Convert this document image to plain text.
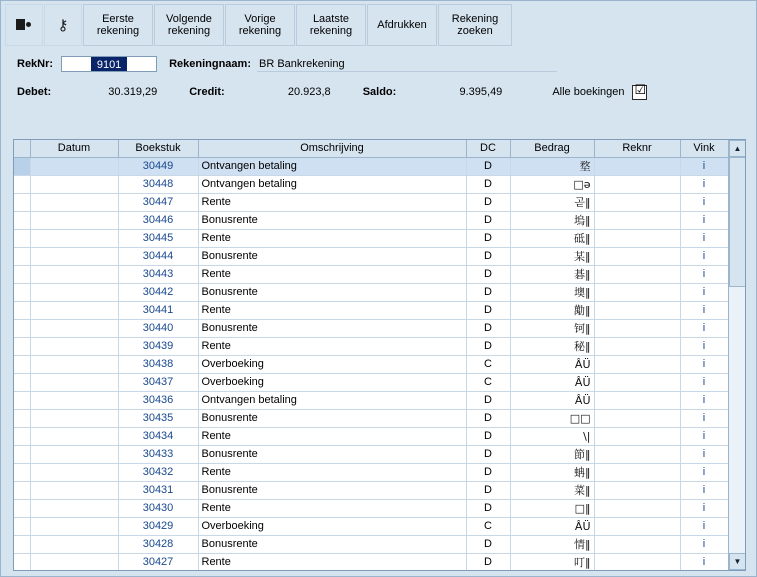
⚷	Eerste
rekening
Volgende
rekening
Vorige
rekening
Laatste
rekening Afdrukken Rekening
zoeken
RekNr:	9101	Rekeningnaam: BR Bankrekening
Debet:	30.319,29	Credit:	20.923,8	Saldo:	9.395,49	Alle boekingen ☑
	Datum	Boekstuk	Omschrijving	DC	Bedrag	Reknr	Vink	
		30449	Ontvangen betaling	D	堥		i	
		30448	Ontvangen betaling	D	□ə		i	
		30447	Rente	D	곧‖		i	
		30446	Bonusrente	D	塢‖		i	
		30445	Rente	D	砥‖		i	
		30444	Bonusrente	D	某‖		i	
		30443	Rente	D	碁‖		i	
		30442	Bonusrente	D	墺‖		i	
		30441	Rente	D	勱‖		i	
		30440	Bonusrente	D	钶‖		i	
		30439	Rente	D	秘‖		i	
		30438	Overboeking	C	ÂÜ		i	
		30437	Overboeking	C	ÂÜ		i	
		30436	Ontvangen betaling	D	ÂÜ		i	
		30435	Bonusrente	D	□□		i	
		30434	Rente	D	\|		i	
		30433	Bonusrente	D	節‖		i	
		30432	Rente	D	蚺‖		i	
		30431	Bonusrente	D	菜‖		i	
		30430	Rente	D	□‖		i	
		30429	Overboeking	C	ÂÜ		i	
		30428	Bonusrente	D	情‖		i	
		30427	Rente	D	叮‖		i	
▲
▼
